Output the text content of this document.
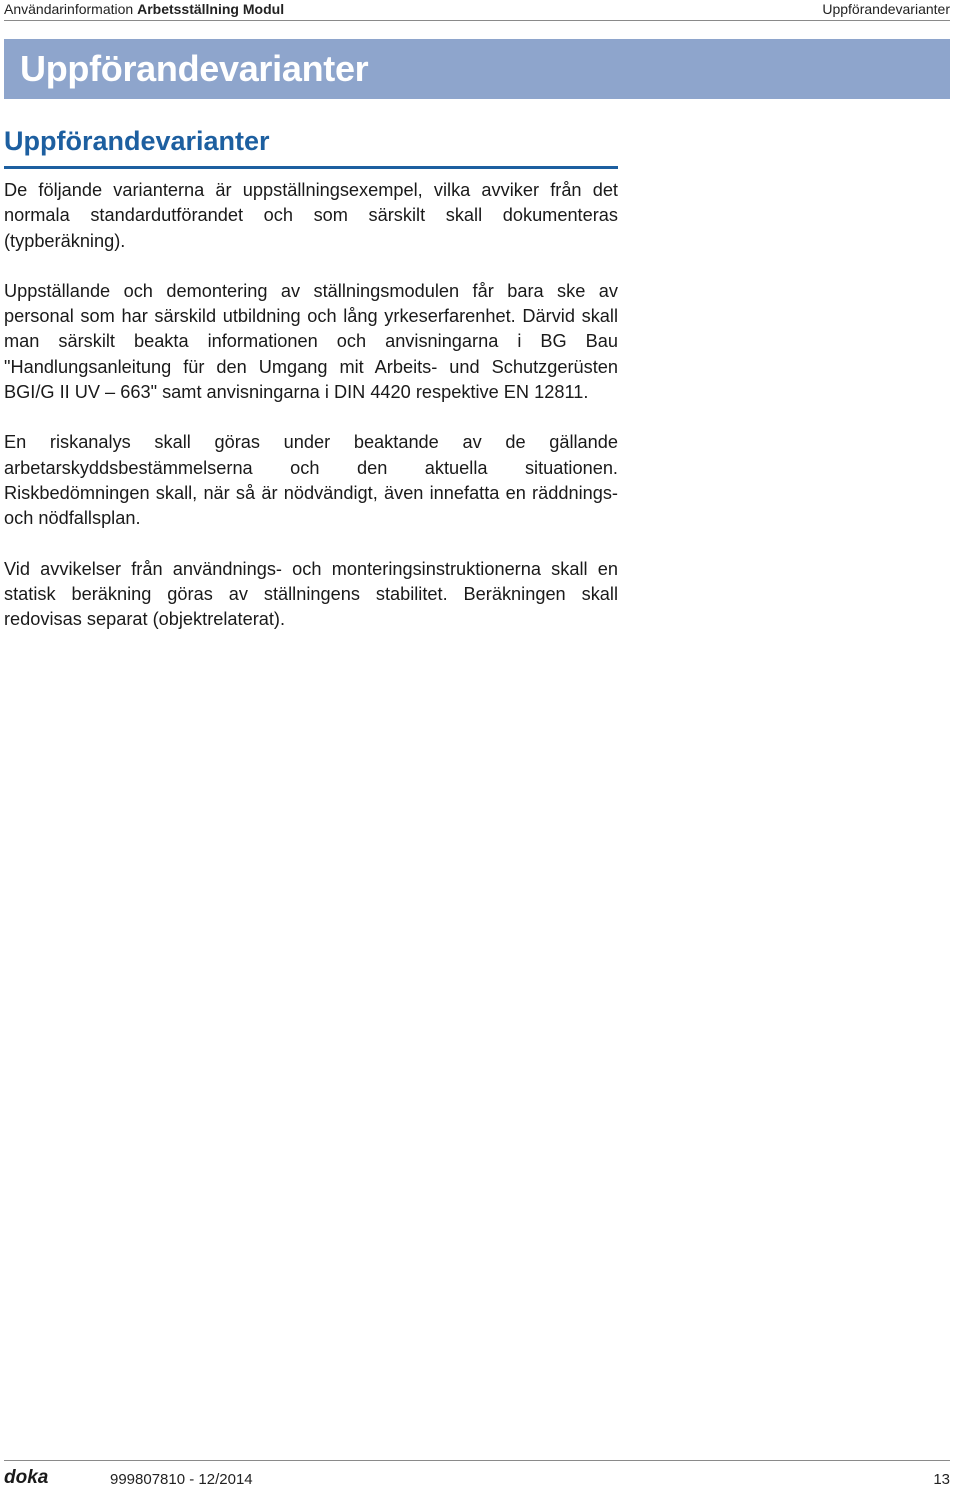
Användarinformation Arbetsställning Modul	Uppförandevarianter
Uppförandevarianter
Uppförandevarianter

De följande varianterna är uppställningsexempel, vilka avviker från det normala standardutförandet och som särskilt skall dokumenteras (typberäkning).

Uppställande och demontering av ställningsmodulen får bara ske av personal som har särskild utbildning och lång yrkeserfarenhet. Därvid skall man särskilt beakta informationen och anvisningarna i BG Bau "Handlungsanleitung für den Umgang mit Arbeits- und Schutzgerüsten BGI/G II UV – 663" samt anvisningarna i DIN 4420 respektive EN 12811.

En riskanalys skall göras under beaktande av de gällande arbetarskyddsbestämmelserna och den aktuella situationen. Riskbedömningen skall, när så är nödvändigt, även innefatta en räddnings- och nödfallsplan.

Vid avvikelser från användnings- och monteringsinstruktionerna skall en statisk beräkning göras av ställningens stabilitet. Beräkningen skall redovisas separat (objektrelaterat).

doka	999807810 - 12/2014	13
